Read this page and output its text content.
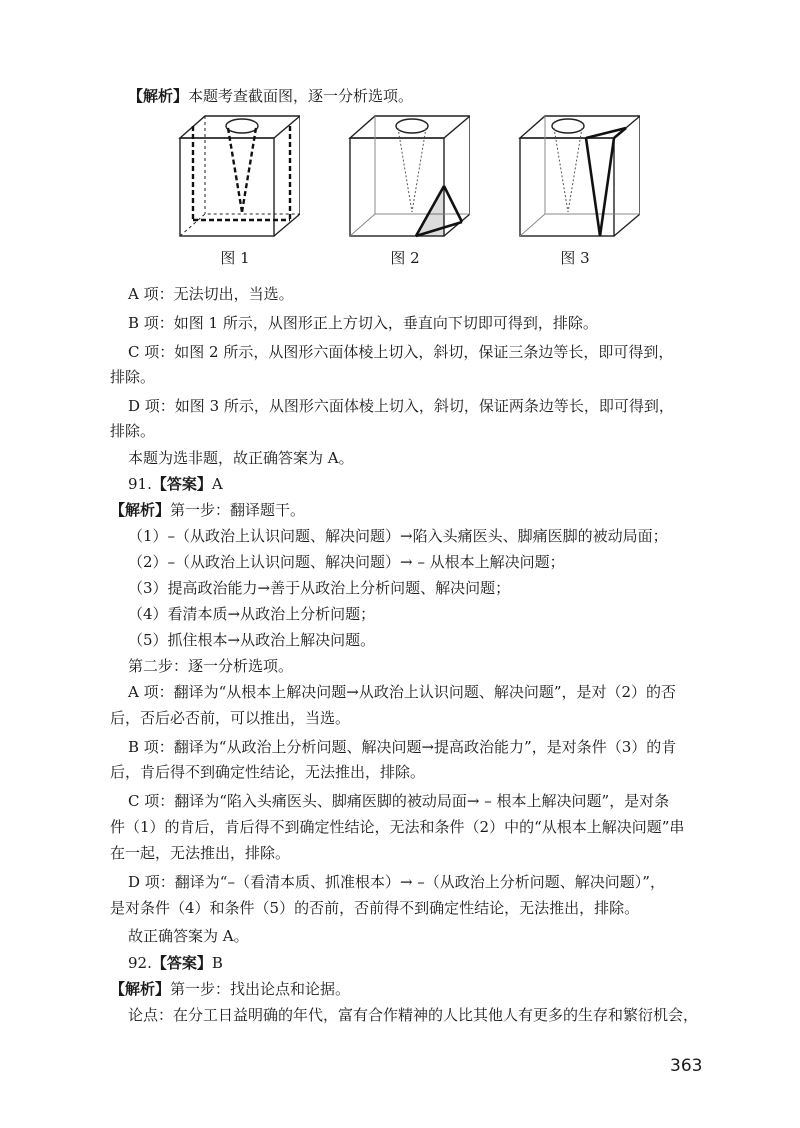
【解析】本题考查截面图，逐一分析选项。
图 1	图 2	图 3
A 项：无法切出，当选。
B 项：如图 1 所示，从图形正上方切入，垂直向下切即可得到，排除。
C 项：如图 2 所示，从图形六面体棱上切入，斜切，保证三条边等长，即可得到，
排除。
D 项：如图 3 所示，从图形六面体棱上切入，斜切，保证两条边等长，即可得到，
排除。
本题为选非题，故正确答案为 A。
91.【答案】A
【解析】第一步：翻译题干。
（1）–（从政治上认识问题、解决问题）→陷入头痛医头、脚痛医脚的被动局面；
（2）–（从政治上认识问题、解决问题）→ – 从根本上解决问题；
（3）提高政治能力→善于从政治上分析问题、解决问题；
（4）看清本质→从政治上分析问题；
（5）抓住根本→从政治上解决问题。
第二步：逐一分析选项。
A 项：翻译为“从根本上解决问题→从政治上认识问题、解决问题”，是对（2）的否
后，否后必否前，可以推出，当选。
B 项：翻译为“从政治上分析问题、解决问题→提高政治能力”，是对条件（3）的肯
后，肯后得不到确定性结论，无法推出，排除。
C 项：翻译为“陷入头痛医头、脚痛医脚的被动局面→ – 根本上解决问题”，是对条
件（1）的肯后，肯后得不到确定性结论，无法和条件（2）中的“从根本上解决问题”串
在一起，无法推出，排除。
D 项：翻译为“–（看清本质、抓准根本）→ –（从政治上分析问题、解决问题）”，
是对条件（4）和条件（5）的否前，否前得不到确定性结论，无法推出，排除。
故正确答案为 A。
92.【答案】B
【解析】第一步：找出论点和论据。
论点：在分工日益明确的年代，富有合作精神的人比其他人有更多的生存和繁衍机会，
363
